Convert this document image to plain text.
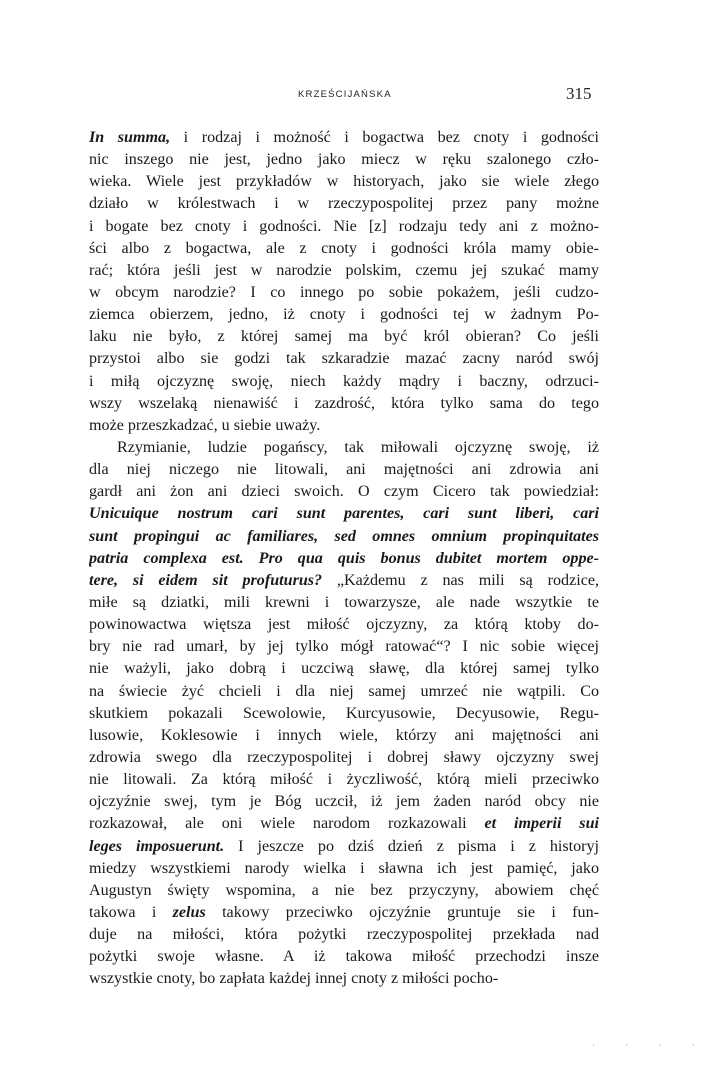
KRZEŚCIJAŃSKA	315
In summa, i rodzaj i możność i bogactwa bez cnoty i godności
nic inszego nie jest, jedno jako miecz w ręku szalonego czło-
wieka. Wiele jest przykładów w historyach, jako sie wiele złego
działo w królestwach i w rzeczypospolitej przez pany możne
i bogate bez cnoty i godności. Nie [z] rodzaju tedy ani z możno-
ści albo z bogactwa, ale z cnoty i godności króla mamy obie-
rać; która jeśli jest w narodzie polskim, czemu jej szukać mamy
w obcym narodzie? I co innego po sobie pokażem, jeśli cudzo-
ziemca obierzem, jedno, iż cnoty i godności tej w żadnym Po-
laku nie było, z której samej ma być król obieran? Co jeśli
przystoi albo sie godzi tak szkaradzie mazać zacny naród swój
i miłą ojczyznę swoję, niech każdy mądry i baczny, odrzuci-
wszy wszelaką nienawiść i zazdrość, która tylko sama do tego
może przeszkadzać, u siebie uważy.
Rzymianie, ludzie pogańscy, tak miłowali ojczyznę swoję, iż
dla niej niczego nie litowali, ani majętności ani zdrowia ani
gardł ani żon ani dzieci swoich. O czym Cicero tak powiedział:
Unicuique nostrum cari sunt parentes, cari sunt liberi, cari
sunt propingui ac familiares, sed omnes omnium propinquitates
patria complexa est. Pro qua quis bonus dubitet mortem oppe-
tere, si eidem sit profuturus? „Każdemu z nas mili są rodzice,
miłe są dziatki, mili krewni i towarzysze, ale nade wszytkie te
powinowactwa więtsza jest miłość ojczyzny, za którą ktoby do-
bry nie rad umarł, by jej tylko mógł ratować“? I nic sobie więcej
nie ważyli, jako dobrą i uczciwą sławę, dla której samej tylko
na świecie żyć chcieli i dla niej samej umrzeć nie wątpili. Co
skutkiem pokazali Scewolowie, Kurcyusowie, Decyusowie, Regu-
lusowie, Koklesowie i innych wiele, którzy ani majętności ani
zdrowia swego dla rzeczypospolitej i dobrej sławy ojczyzny swej
nie litowali. Za którą miłość i życzliwość, którą mieli przeciwko
ojczyźnie swej, tym je Bóg uczcił, iż jem żaden naród obcy nie
rozkazował, ale oni wiele narodom rozkazowali et imperii sui
leges imposuerunt. I jeszcze po dziś dzień z pisma i z historyj
miedzy wszystkiemi narody wielka i sławna ich jest pamięć, jako
Augustyn święty wspomina, a nie bez przyczyny, abowiem chęć
takowa i zelus takowy przeciwko ojczyźnie gruntuje sie i fun-
duje na miłości, która pożytki rzeczypospolitej przekłada nad
pożytki swoje własne. A iż takowa miłość przechodzi insze
wszystkie cnoty, bo zapłata każdej innej cnoty z miłości pocho-
· · · ·
